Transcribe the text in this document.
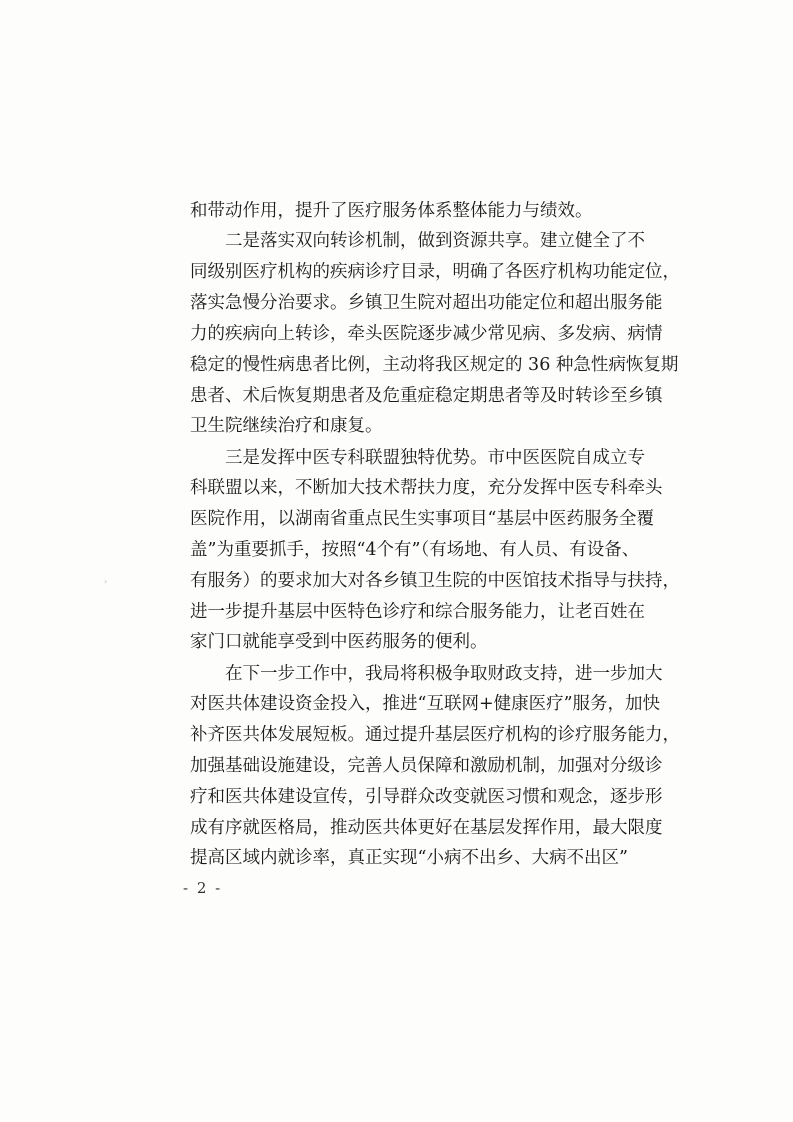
和带动作用，提升了医疗服务体系整体能力与绩效。
二是落实双向转诊机制，做到资源共享。建立健全了不
同级别医疗机构的疾病诊疗目录，明确了各医疗机构功能定位，
落实急慢分治要求。乡镇卫生院对超出功能定位和超出服务能
力的疾病向上转诊，牵头医院逐步减少常见病、多发病、病情
稳定的慢性病患者比例，主动将我区规定的 36 种急性病恢复期
患者、术后恢复期患者及危重症稳定期患者等及时转诊至乡镇
卫生院继续治疗和康复。
三是发挥中医专科联盟独特优势。市中医医院自成立专
科联盟以来，不断加大技术帮扶力度，充分发挥中医专科牵头
医院作用，以湖南省重点民生实事项目“基层中医药服务全覆
盖”为重要抓手，按照“4个有”（有场地、有人员、有设备、
有服务）的要求加大对各乡镇卫生院的中医馆技术指导与扶持，
进一步提升基层中医特色诊疗和综合服务能力，让老百姓在
家门口就能享受到中医药服务的便利。
在下一步工作中，我局将积极争取财政支持，进一步加大
对医共体建设资金投入，推进“互联网+健康医疗”服务，加快
补齐医共体发展短板。通过提升基层医疗机构的诊疗服务能力，
加强基础设施建设，完善人员保障和激励机制，加强对分级诊
疗和医共体建设宣传，引导群众改变就医习惯和观念，逐步形
成有序就医格局，推动医共体更好在基层发挥作用，最大限度
提高区域内就诊率，真正实现“小病不出乡、大病不出区”
- 2 -
›
